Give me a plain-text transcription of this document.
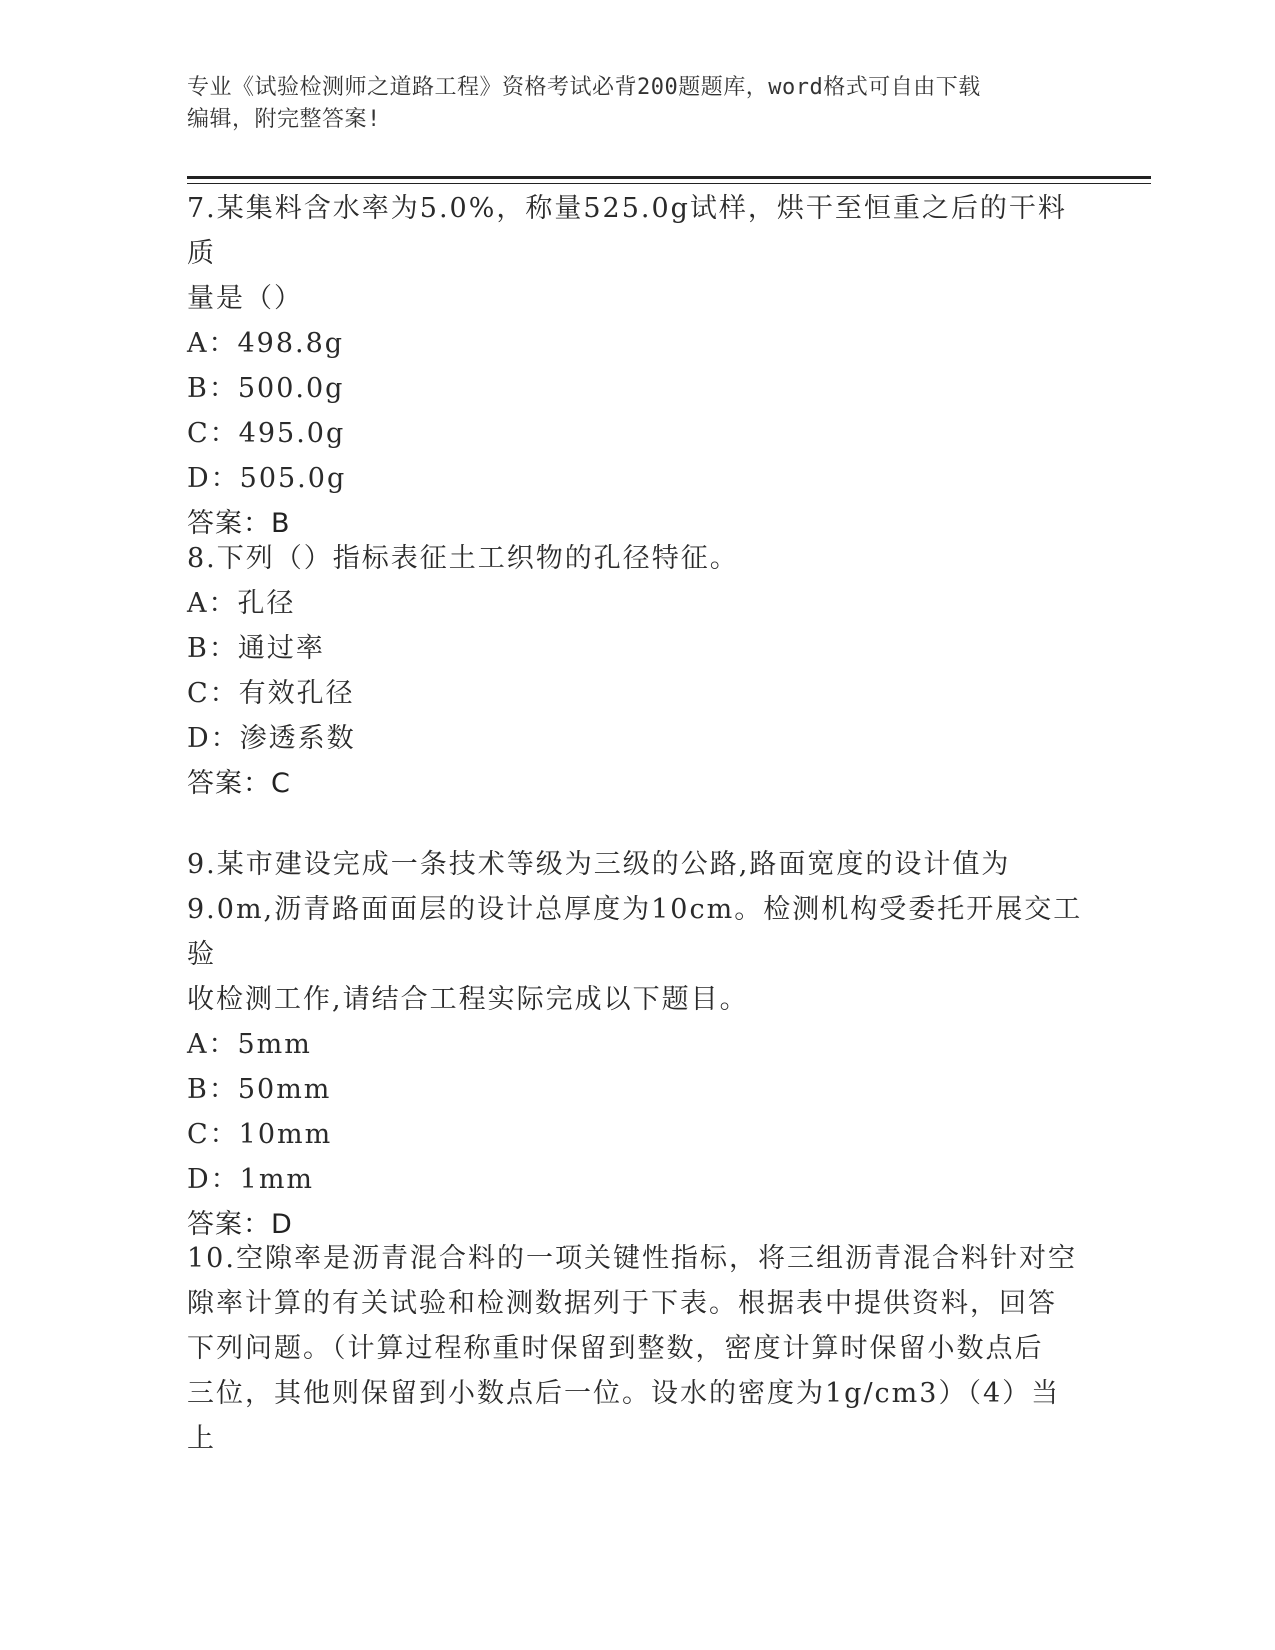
专业《试验检测师之道路工程》资格考试必背200题题库，word格式可自由下载
编辑，附完整答案!

7.某集料含水率为5.0%，称量525.0g试样，烘干至恒重之后的干料质

量是（）

A：498.8g

B：500.0g

C：495.0g

D：505.0g

答案：B

8.下列（）指标表征土工织物的孔径特征。

A：孔径

B：通过率

C：有效孔径

D：渗透系数

答案：C

9.某市建设完成一条技术等级为三级的公路,路面宽度的设计值为

9.0m,沥青路面面层的设计总厚度为10cm。检测机构受委托开展交工验

收检测工作,请结合工程实际完成以下题目。

A：5mm

B：50mm

C：10mm

D：1mm

答案：D

10.空隙率是沥青混合料的一项关键性指标，将三组沥青混合料针对空

隙率计算的有关试验和检测数据列于下表。根据表中提供资料，回答

下列问题。（计算过程称重时保留到整数，密度计算时保留小数点后

三位，其他则保留到小数点后一位。设水的密度为1g/cm3）（4）当上
